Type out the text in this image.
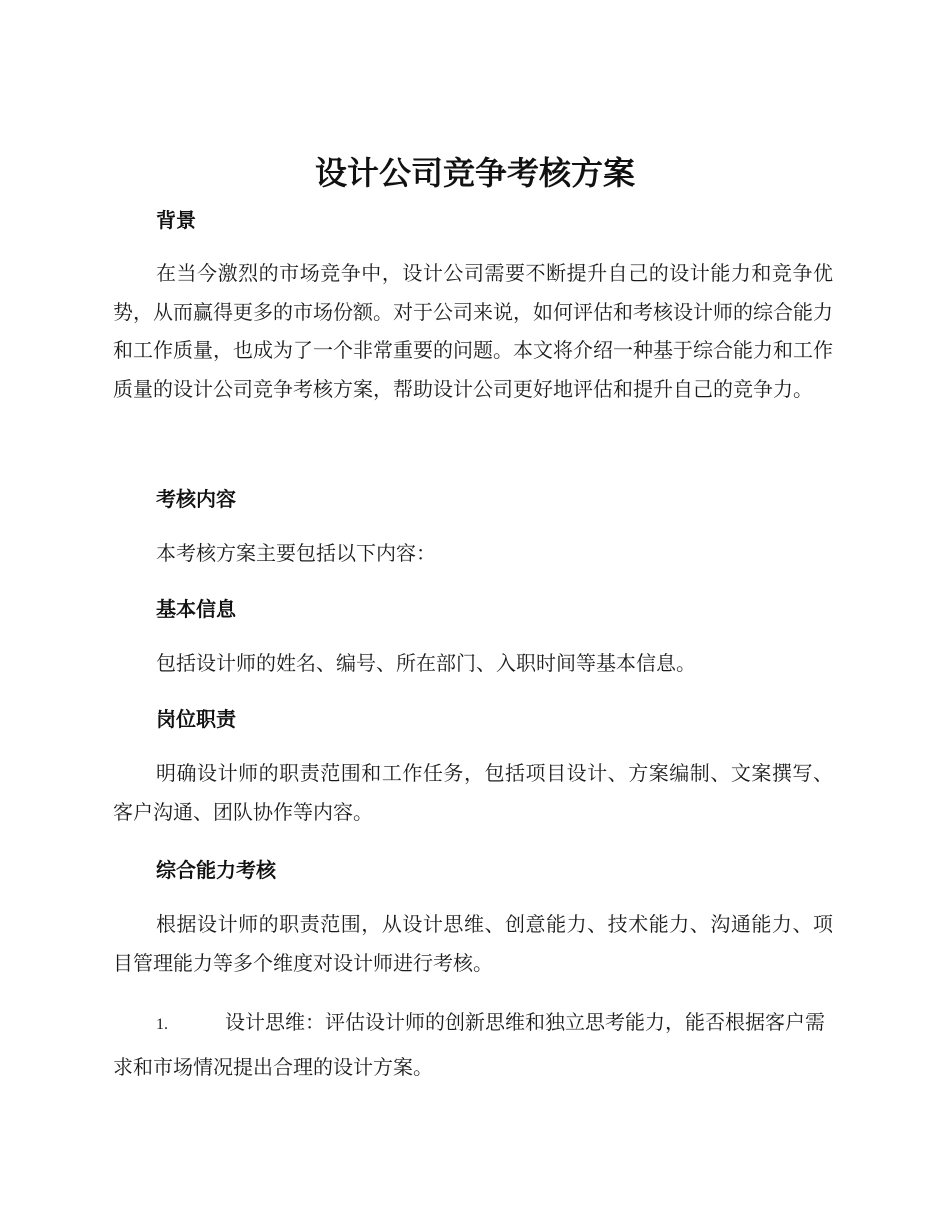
设计公司竞争考核方案
背景

在当今激烈的市场竞争中，设计公司需要不断提升自己的设计能力和竞争优势，从而赢得更多的市场份额。对于公司来说，如何评估和考核设计师的综合能力和工作质量，也成为了一个非常重要的问题。本文将介绍一种基于综合能力和工作质量的设计公司竞争考核方案，帮助设计公司更好地评估和提升自己的竞争力。

考核内容

本考核方案主要包括以下内容：

基本信息

包括设计师的姓名、编号、所在部门、入职时间等基本信息。

岗位职责

明确设计师的职责范围和工作任务，包括项目设计、方案编制、文案撰写、客户沟通、团队协作等内容。

综合能力考核

根据设计师的职责范围，从设计思维、创意能力、技术能力、沟通能力、项目管理能力等多个维度对设计师进行考核。

1.	设计思维：评估设计师的创新思维和独立思考能力，能否根据客户需求和市场情况提出合理的设计方案。
